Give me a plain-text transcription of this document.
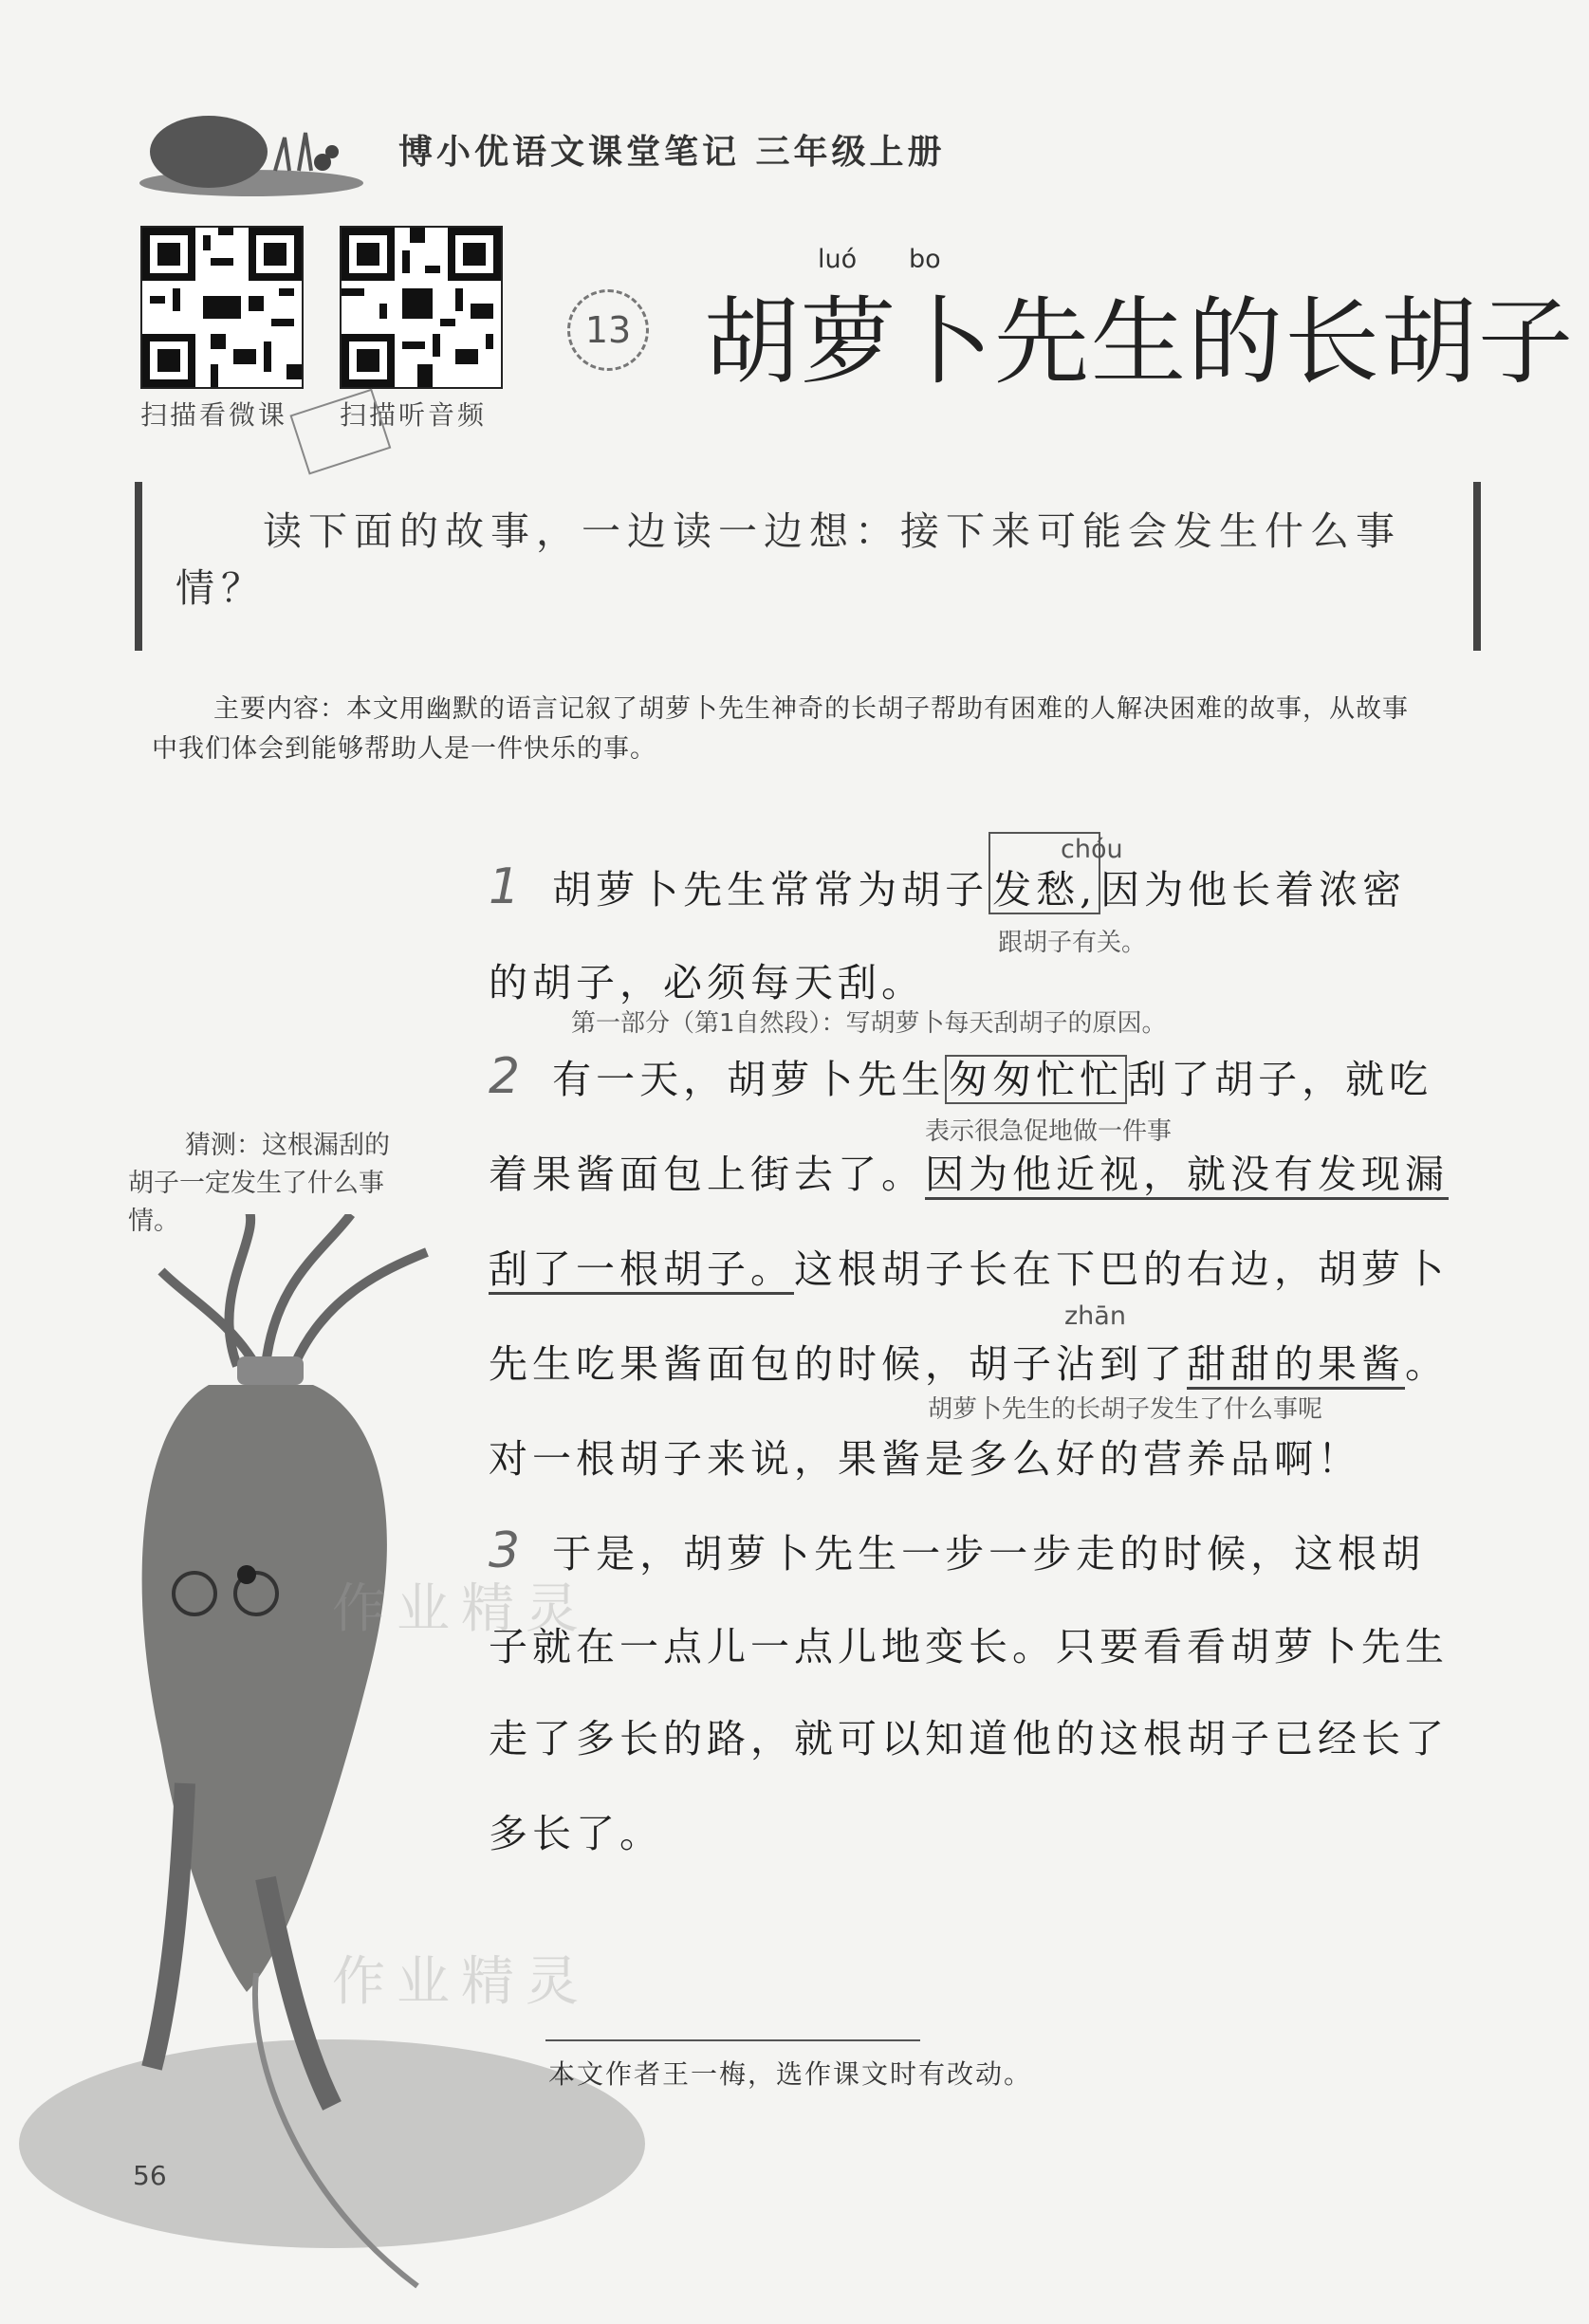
博小优语文课堂笔记 三年级上册
扫描看微课 扫描听音频
13
luó bo
胡萝卜先生的长胡子
读下面的故事，一边读一边想：接下来可能会发生什么事情？
主要内容：本文用幽默的语言记叙了胡萝卜先生神奇的长胡子帮助有困难的人解决困难的故事，从故事中我们体会到能够帮助人是一件快乐的事。
chóu
1 胡萝卜先生常常为胡子发愁,因为他长着浓密
跟胡子有关。
的胡子，必须每天刮。
第一部分（第1自然段）：写胡萝卜每天刮胡子的原因。
2 有一天，胡萝卜先生匆匆忙忙刮了胡子，就吃
表示很急促地做一件事
猜测：这根漏刮的胡子一定发生了什么事情。
着果酱面包上街去了。因为他近视，就没有发现漏
刮了一根胡子。这根胡子长在下巴的右边，胡萝卜
zhān
先生吃果酱面包的时候，胡子沾到了甜甜的果酱。
胡萝卜先生的长胡子发生了什么事呢
对一根胡子来说，果酱是多么好的营养品啊！
3 于是，胡萝卜先生一步一步走的时候，这根胡
子就在一点儿一点儿地变长。只要看看胡萝卜先生
走了多长的路，就可以知道他的这根胡子已经长了
多长了。
作业精灵
作业精灵
本文作者王一梅，选作课文时有改动。
56
